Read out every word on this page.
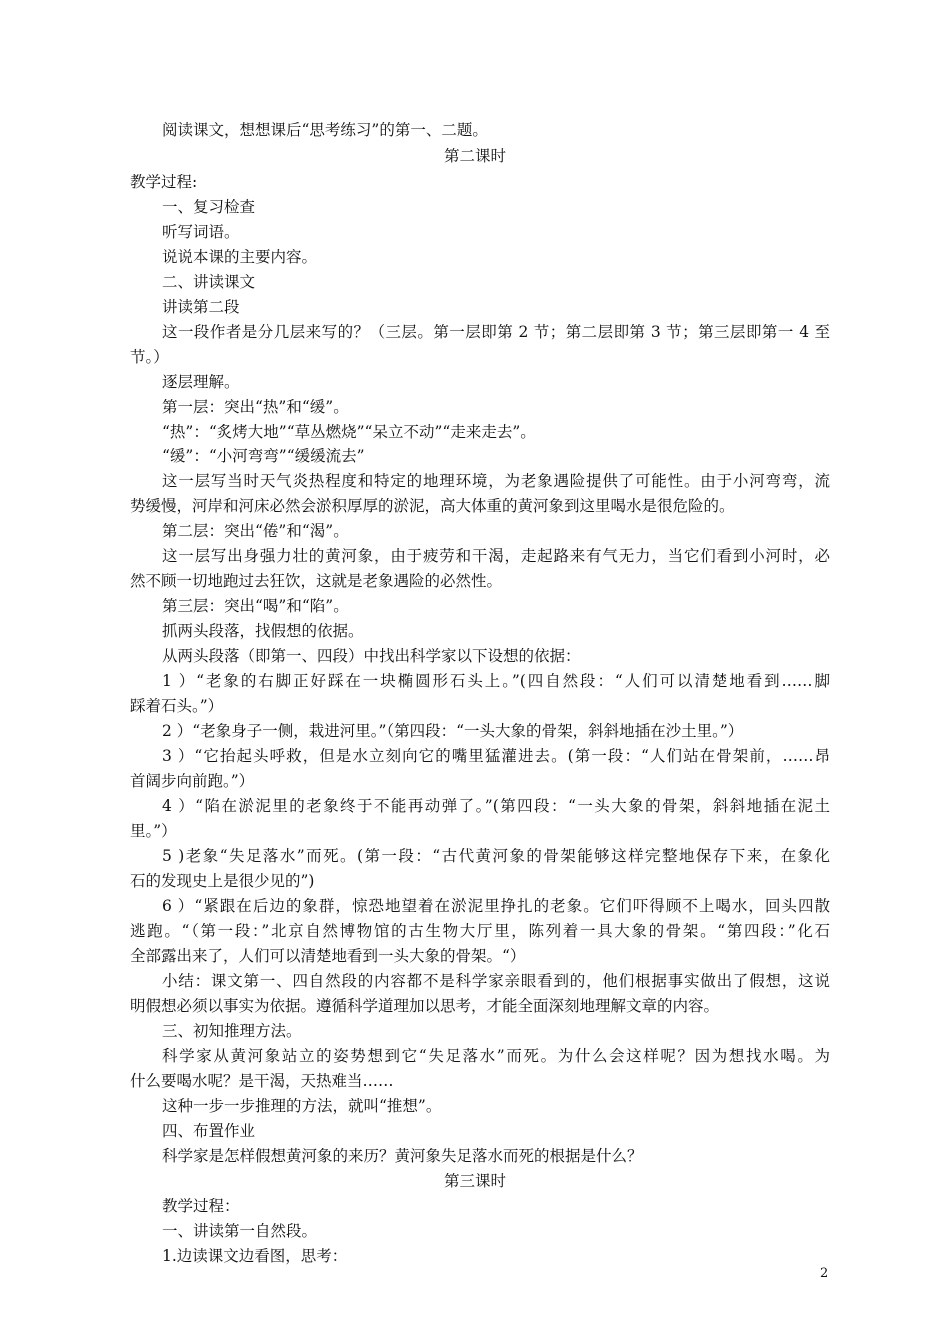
阅读课文，想想课后“思考练习”的第一、二题。
第二课时
教学过程:
一、复习检查
听写词语。
说说本课的主要内容。
二、讲读课文
讲读第二段
这一段作者是分几层来写的？（三层。第一层即第 2 节；第二层即第 3 节；第三层即第一 4 至
节。）
逐层理解。
第一层：突出“热”和“缓”。
“热”：“炙烤大地”“草丛燃烧”“呆立不动”“走来走去”。
“缓”：“小河弯弯”“缓缓流去”
这一层写当时天气炎热程度和特定的地理环境，为老象遇险提供了可能性。由于小河弯弯，流
势缓慢，河岸和河床必然会淤积厚厚的淤泥，高大体重的黄河象到这里喝水是很危险的。
第二层：突出“倦”和“渴”。
这一层写出身强力壮的黄河象，由于疲劳和干渴，走起路来有气无力，当它们看到小河时，必
然不顾一切地跑过去狂饮，这就是老象遇险的必然性。
第三层：突出“喝”和“陷”。
抓两头段落，找假想的依据。
从两头段落（即第一、四段）中找出科学家以下设想的依据：
1 ）“老象的右脚正好踩在一块椭圆形石头上。”(四自然段：“人们可以清楚地看到……脚
踩着石头。”）
2 ）“老象身子一侧，栽进河里。”（第四段：“一头大象的骨架，斜斜地插在沙土里。”）
3 ）“它抬起头呼救，但是水立刻向它的嘴里猛灌进去。(第一段：“人们站在骨架前，……昂
首阔步向前跑。”）
4 ）“陷在淤泥里的老象终于不能再动弹了。”(第四段：“一头大象的骨架，斜斜地插在泥土
里。”）
5 )老象“失足落水”而死。(第一段：“古代黄河象的骨架能够这样完整地保存下来，在象化
石的发现史上是很少见的”)
6 ）“紧跟在后边的象群，惊恐地望着在淤泥里挣扎的老象。它们吓得顾不上喝水，回头四散
逃跑。“（第一段：”北京自然博物馆的古生物大厅里，陈列着一具大象的骨架。“第四段：”化石
全部露出来了，人们可以清楚地看到一头大象的骨架。“）
小结：课文第一、四自然段的内容都不是科学家亲眼看到的，他们根据事实做出了假想，这说
明假想必须以事实为依据。遵循科学道理加以思考，才能全面深刻地理解文章的内容。
三、初知推理方法。
科学家从黄河象站立的姿势想到它“失足落水”而死。为什么会这样呢？因为想找水喝。为
什么要喝水呢？是干渴，天热难当……
这种一步一步推理的方法，就叫“推想”。
四、布置作业
科学家是怎样假想黄河象的来历？黄河象失足落水而死的根据是什么？
第三课时
教学过程：
一、讲读第一自然段。
1.边读课文边看图，思考：
2
